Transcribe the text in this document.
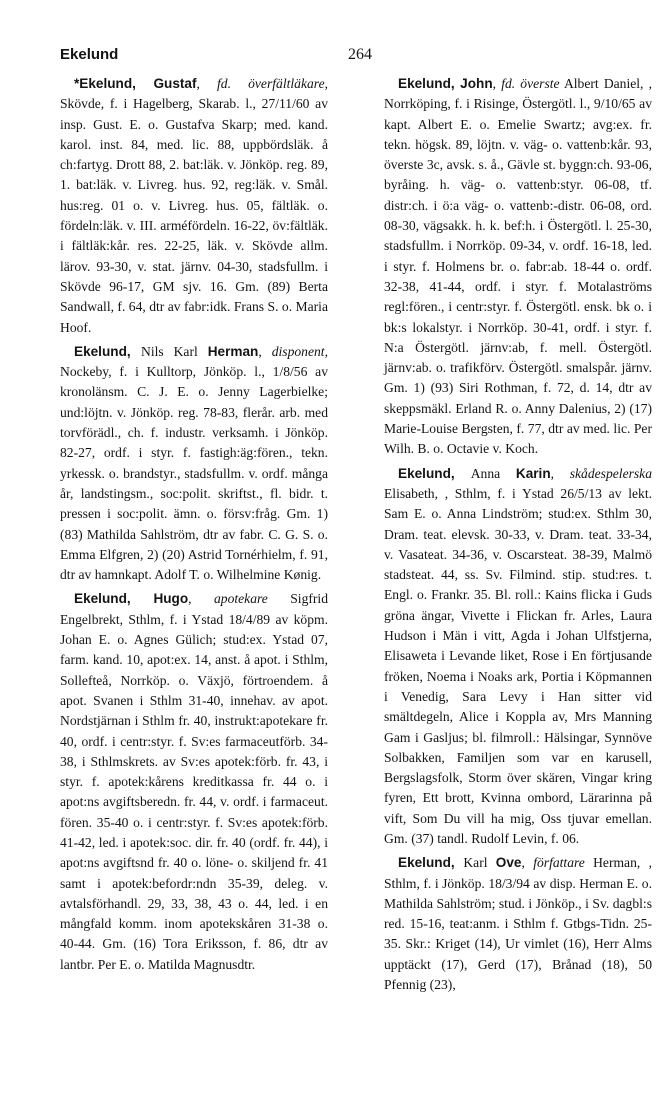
Ekelund	264

*Ekelund, Gustaf, fd. överfältläkare, Skövde, f. i Hagelberg, Skarab. l., 27/11/60 av insp. Gust. E. o. Gustafva Skarp; med. kand. karol. inst. 84, med. lic. 88, uppbördsläk. å ch:fartyg. Drott 88, 2. bat:läk. v. Jönköp. reg. 89, 1. bat:läk. v. Livreg. hus. 92, reg:läk. v. Smål. hus:reg. 01 o. v. Livreg. hus. 05, fältläk. o. fördeln:läk. v. III. arméfördeln. 16-22, öv:fältläk. i fältläk:kår. res. 22-25, läk. v. Skövde allm. lärov. 93-30, v. stat. järnv. 04-30, stadsfullm. i Skövde 96-17, GM sjv. 16. Gm. (89) Berta Sandwall, f. 64, dtr av fabr:idk. Frans S. o. Maria Hoof.

Ekelund, Nils Karl Herman, disponent, Nockeby, f. i Kulltorp, Jönköp. l., 1/8/56 av kronolänsm. C. J. E. o. Jenny Lagerbielke; und:löjtn. v. Jönköp. reg. 78-83, flerår. arb. med torvförädl., ch. f. industr. verksamh. i Jönköp. 82-27, ordf. i styr. f. fastigh:äg:fören., tekn. yrkessk. o. brandstyr., stadsfullm. v. ordf. många år, landstingsm., soc:polit. skriftst., fl. bidr. t. pressen i soc:polit. ämn. o. försv:fråg. Gm. 1) (83) Mathilda Sahlström, dtr av fabr. C. G. S. o. Emma Elfgren, 2) (20) Astrid Tornérhielm, f. 91, dtr av hamnkapt. Adolf T. o. Wilhelmine Kønig.

Ekelund, Hugo, apotekare Sigfrid Engelbrekt, Sthlm, f. i Ystad 18/4/89 av köpm. Johan E. o. Agnes Gülich; stud:ex. Ystad 07, farm. kand. 10, apot:ex. 14, anst. å apot. i Sthlm, Sollefteå, Norrköp. o. Växjö, förtroendem. å apot. Svanen i Sthlm 31-40, innehav. av apot. Nordstjärnan i Sthlm fr. 40, instrukt:apotekare fr. 40, ordf. i centr:styr. f. Sv:es farmaceutförb. 34-38, i Sthlmskrets. av Sv:es apotek:förb. fr. 43, i styr. f. apotek:kårens kreditkassa fr. 44 o. i apot:ns avgiftsberedn. fr. 44, v. ordf. i farmaceut. fören. 35-40 o. i centr:styr. f. Sv:es apotek:förb. 41-42, led. i apotek:soc. dir. fr. 40 (ordf. fr. 44), i apot:ns avgiftsnd fr. 40 o. löne- o. skiljend fr. 41 samt i apotek:befordr:ndn 35-39, deleg. v. avtalsförhandl. 29, 33, 38, 43 o. 44, led. i en mångfald komm. inom apotekskåren 31-38 o. 40-44. Gm. (16) Tora Eriksson, f. 86, dtr av lantbr. Per E. o. Matilda Magnusdtr.

Ekelund, John, fd. överste Albert Daniel, , Norrköping, f. i Risinge, Östergötl. l., 9/10/65 av kapt. Albert E. o. Emelie Swartz; avg:ex. fr. tekn. högsk. 89, löjtn. v. väg- o. vattenb:kår. 93, överste 3c, avsk. s. å., Gävle st. byggn:ch. 93-06, byråing. h. väg- o. vattenb:styr. 06-08, tf. distr:ch. i ö:a väg- o. vattenb:-distr. 06-08, ord. 08-30, vägsakk. h. k. bef:h. i Östergötl. l. 25-30, stadsfullm. i Norrköp. 09-34, v. ordf. 16-18, led. i styr. f. Holmens br. o. fabr:ab. 18-44 o. ordf. 32-38, 41-44, ordf. i styr. f. Motalaströms regl:fören., i centr:styr. f. Östergötl. ensk. bk o. i bk:s lokalstyr. i Norrköp. 30-41, ordf. i styr. f. N:a Östergötl. järnv:ab, f. mell. Östergötl. järnv:ab. o. trafikförv. Östergötl. smalspår. järnv. Gm. 1) (93) Siri Rothman, f. 72, d. 14, dtr av skeppsmäkl. Erland R. o. Anny Dalenius, 2) (17) Marie-Louise Bergsten, f. 77, dtr av med. lic. Per Wilh. B. o. Octavie v. Koch.

Ekelund, Anna Karin, skådespelerska Elisabeth, , Sthlm, f. i Ystad 26/5/13 av lekt. Sam E. o. Anna Lindström; stud:ex. Sthlm 30, Dram. teat. elevsk. 30-33, v. Dram. teat. 33-34, v. Vasateat. 34-36, v. Oscarsteat. 38-39, Malmö stadsteat. 44, ss. Sv. Filmind. stip. stud:res. t. Engl. o. Frankr. 35. Bl. roll.: Kains flicka i Guds gröna ängar, Vivette i Flickan fr. Arles, Laura Hudson i Män i vitt, Agda i Johan Ulfstjerna, Elisaweta i Levande liket, Rose i En förtjusande fröken, Noema i Noaks ark, Portia i Köpmannen i Venedig, Sara Levy i Han sitter vid smältdegeln, Alice i Koppla av, Mrs Manning Gam i Gasljus; bl. filmroll.: Hälsingar, Synnöve Solbakken, Familjen som var en karusell, Bergslagsfolk, Storm över skären, Vingar kring fyren, Ett brott, Kvinna ombord, Lärarinna på vift, Som Du vill ha mig, Oss tjuvar emellan. Gm. (37) tandl. Rudolf Levin, f. 06.

Ekelund, Karl Ove, författare Herman, , Sthlm, f. i Jönköp. 18/3/94 av disp. Herman E. o. Mathilda Sahlström; stud. i Jönköp., i Sv. dagbl:s red. 15-16, teat:anm. i Sthlm f. Gtbgs-Tidn. 25-35. Skr.: Kriget (14), Ur vimlet (16), Herr Alms upptäckt (17), Gerd (17), Brånad (18), 50 Pfennig (23),
